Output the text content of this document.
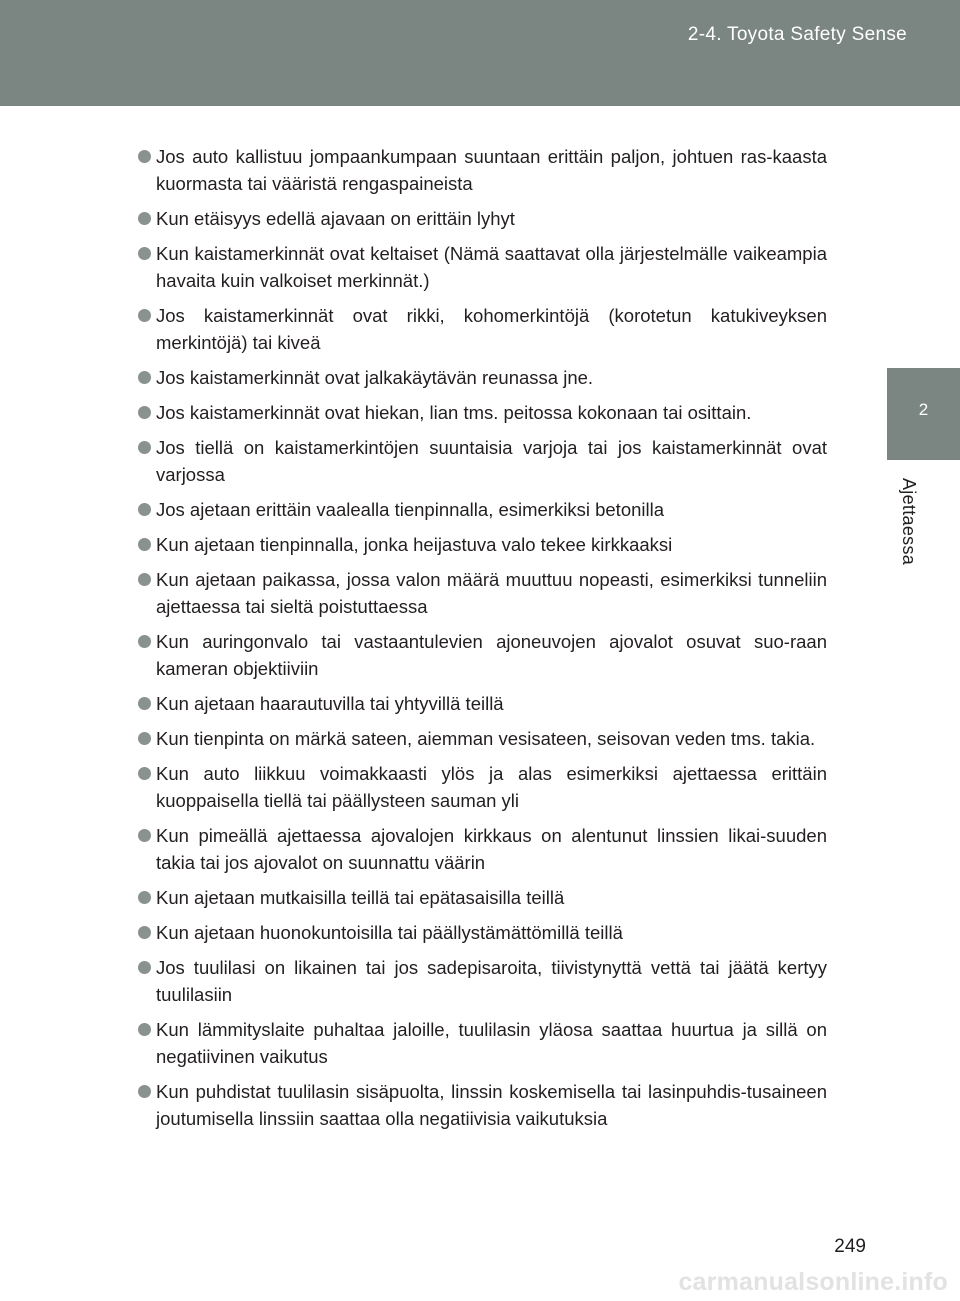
2-4. Toyota Safety Sense
2
Ajettaessa
Jos auto kallistuu jompaankumpaan suuntaan erittäin paljon, johtuen ras-kaasta kuormasta tai vääristä rengaspaineista
Kun etäisyys edellä ajavaan on erittäin lyhyt
Kun kaistamerkinnät ovat keltaiset (Nämä saattavat olla järjestelmälle vaikeampia havaita kuin valkoiset merkinnät.)
Jos kaistamerkinnät ovat rikki, kohomerkintöjä (korotetun katukiveyksen merkintöjä) tai kiveä
Jos kaistamerkinnät ovat jalkakäytävän reunassa jne.
Jos kaistamerkinnät ovat hiekan, lian tms. peitossa kokonaan tai osittain.
Jos tiellä on kaistamerkintöjen suuntaisia varjoja tai jos kaistamerkinnät ovat varjossa
Jos ajetaan erittäin vaalealla tienpinnalla, esimerkiksi betonilla
Kun ajetaan tienpinnalla, jonka heijastuva valo tekee kirkkaaksi
Kun ajetaan paikassa, jossa valon määrä muuttuu nopeasti, esimerkiksi tunneliin ajettaessa tai sieltä poistuttaessa
Kun auringonvalo tai vastaantulevien ajoneuvojen ajovalot osuvat suo-raan kameran objektiiviin
Kun ajetaan haarautuvilla tai yhtyvillä teillä
Kun tienpinta on märkä sateen, aiemman vesisateen, seisovan veden tms. takia.
Kun auto liikkuu voimakkaasti ylös ja alas esimerkiksi ajettaessa erittäin kuoppaisella tiellä tai päällysteen sauman yli
Kun pimeällä ajettaessa ajovalojen kirkkaus on alentunut linssien likai-suuden takia tai jos ajovalot on suunnattu väärin
Kun ajetaan mutkaisilla teillä tai epätasaisilla teillä
Kun ajetaan huonokuntoisilla tai päällystämättömillä teillä
Jos tuulilasi on likainen tai jos sadepisaroita, tiivistynyttä vettä tai jäätä kertyy tuulilasiin
Kun lämmityslaite puhaltaa jaloille, tuulilasin yläosa saattaa huurtua ja sillä on negatiivinen vaikutus
Kun puhdistat tuulilasin sisäpuolta, linssin koskemisella tai lasinpuhdis-tusaineen joutumisella linssiin saattaa olla negatiivisia vaikutuksia
249
carmanualsonline.info
